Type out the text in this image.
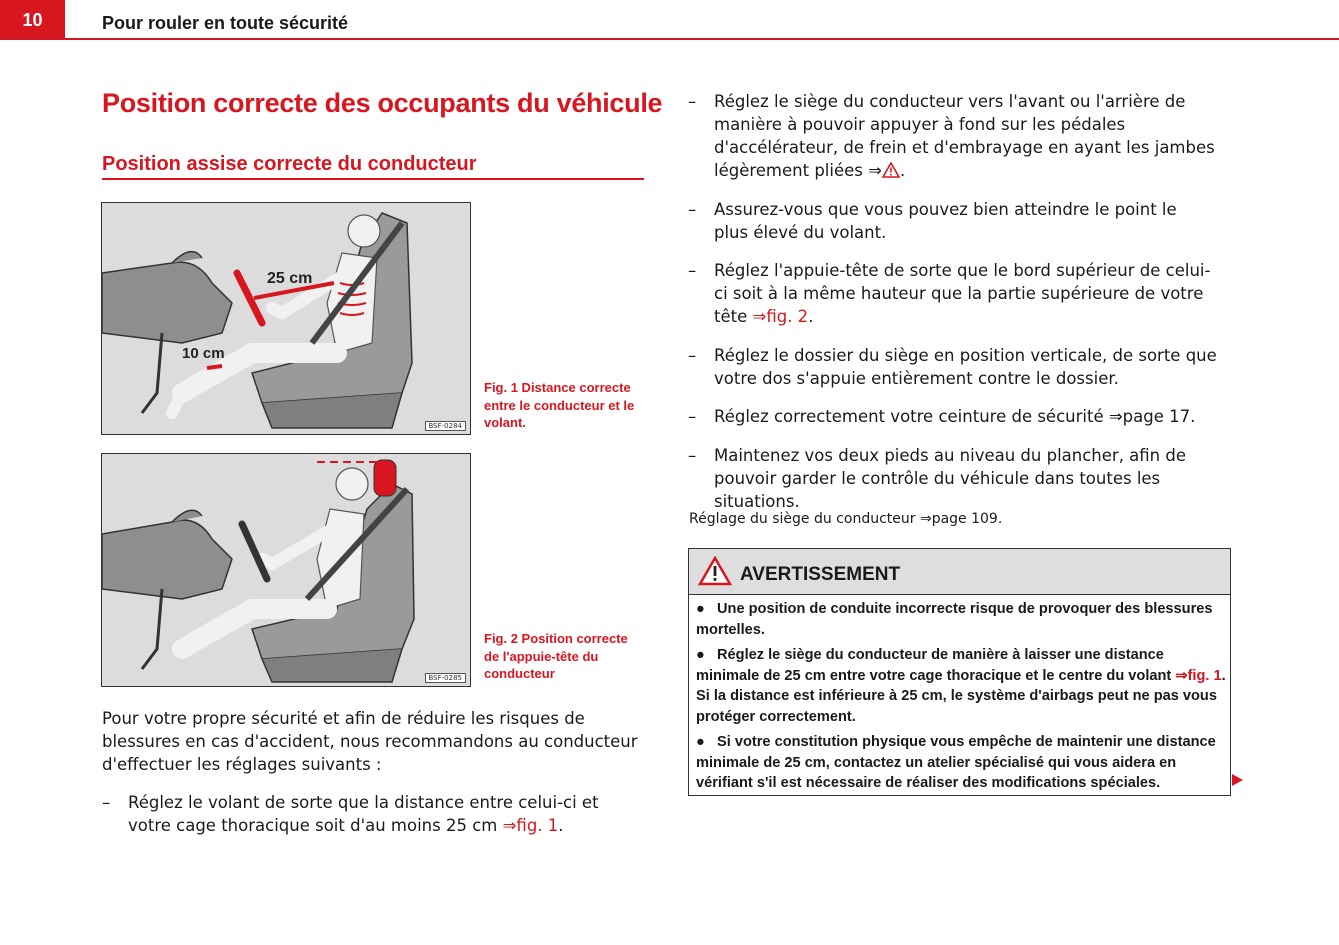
10	Pour rouler en toute sécurité
Position correcte des occupants du véhicule
Position assise correcte du conducteur
25 cm
10 cm
BSF-0284
Fig. 1 Distance correcte entre le conducteur et le volant.
BSF-0285
Fig. 2 Position correcte de l'appuie-tête du conducteur
Pour votre propre sécurité et afin de réduire les risques de blessures en cas d'accident, nous recommandons au conducteur d'effectuer les réglages suivants :
– Réglez le volant de sorte que la distance entre celui-ci et votre cage thoracique soit d'au moins 25 cm ⇒fig. 1.
– Réglez le siège du conducteur vers l'avant ou l'arrière de manière à pouvoir appuyer à fond sur les pédales d'accélérateur, de frein et d'embrayage en ayant les jambes légèrement pliées ⇒ .
– Assurez-vous que vous pouvez bien atteindre le point le plus élevé du volant.
– Réglez l'appuie-tête de sorte que le bord supérieur de celui-ci soit à la même hauteur que la partie supérieure de votre tête ⇒fig. 2.
– Réglez le dossier du siège en position verticale, de sorte que votre dos s'appuie entièrement contre le dossier.
– Réglez correctement votre ceinture de sécurité ⇒page 17.
– Maintenez vos deux pieds au niveau du plancher, afin de pouvoir garder le contrôle du véhicule dans toutes les situations.
Réglage du siège du conducteur ⇒page 109.
AVERTISSEMENT
● Une position de conduite incorrecte risque de provoquer des blessures mortelles.
● Réglez le siège du conducteur de manière à laisser une distance minimale de 25 cm entre votre cage thoracique et le centre du volant ⇒fig. 1. Si la distance est inférieure à 25 cm, le système d'airbags peut ne pas vous protéger correctement.
● Si votre constitution physique vous empêche de maintenir une distance minimale de 25 cm, contactez un atelier spécialisé qui vous aidera en vérifiant s'il est nécessaire de réaliser des modifications spéciales.
